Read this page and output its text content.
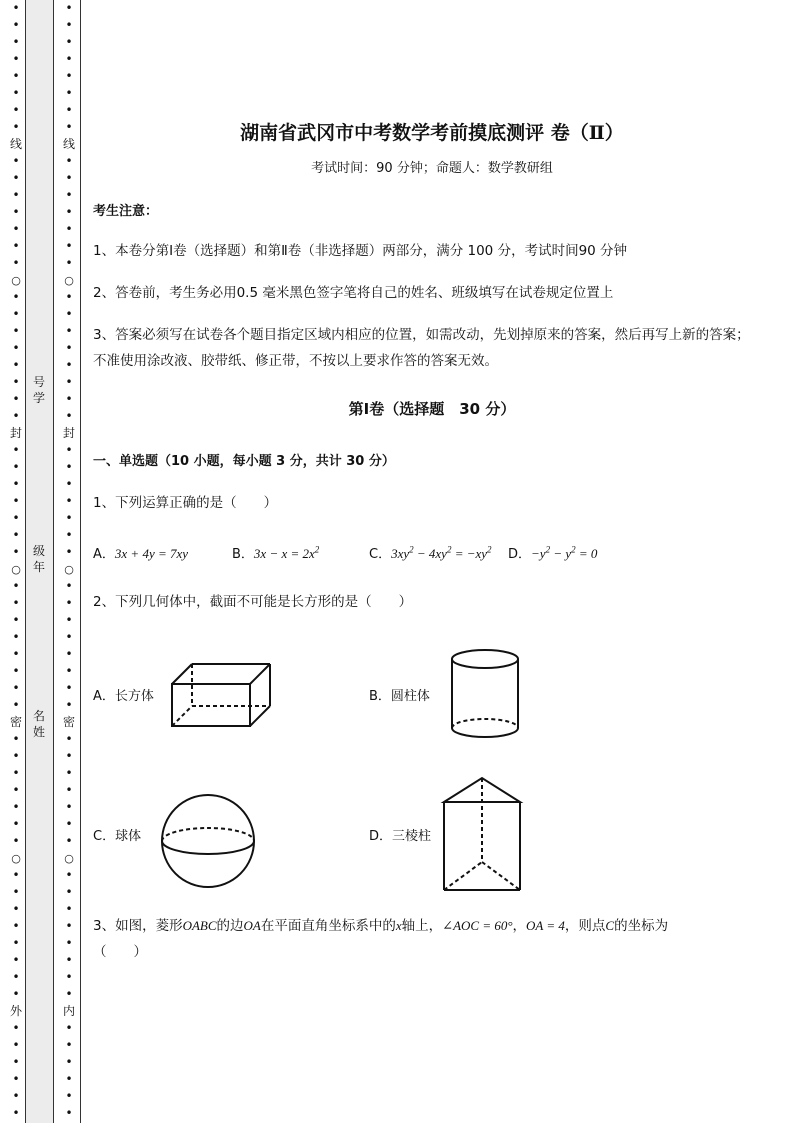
•
•
•
•
•
•
•
•
线
•
•
•
•
•
•
•
○
•
•
•
•
•
•
•
•
封
•
•
•
•
•
•
•
○
•
•
•
•
•
•
•
•
密
•
•
•
•
•
•
•
○
•
•
•
•
•
•
•
•
外
•
•
•
•
•
•
•
•
•
•
•
•
•
•
线
•
•
•
•
•
•
•
○
•
•
•
•
•
•
•
•
封
•
•
•
•
•
•
•
○
•
•
•
•
•
•
•
•
密
•
•
•
•
•
•
•
○
•
•
•
•
•
•
•
•
内
•
•
•
•
•
•
号
学
级
年
名
姓
湖南省武冈市中考数学考前摸底测评 卷（Ⅱ）
考试时间：90 分钟；命题人：数学教研组
考生注意：
1、本卷分第Ⅰ卷（选择题）和第Ⅱ卷（非选择题）两部分，满分 100 分，考试时间90 分钟
2、答卷前，考生务必用0.5 毫米黑色签字笔将自己的姓名、班级填写在试卷规定位置上
3、答案必须写在试卷各个题目指定区域内相应的位置，如需改动，先划掉原来的答案，然后再写上新的答案；不准使用涂改液、胶带纸、修正带，不按以上要求作答的答案无效。
第Ⅰ卷（选择题　30 分）
一、单选题（10 小题，每小题 3 分，共计 30 分）
1、下列运算正确的是（　　）
A．3x + 4y = 7xy	B．$3x - x = 2x^2$	C．$3xy^2 - 4xy^2 = -xy^2$ D．$-y^2 - y^2 = 0$
2、下列几何体中，截面不可能是长方形的是（　　）
A．长方体	B．圆柱体
C．球体	D．三棱柱
3、如图，菱形OABC的边OA在平面直角坐标系中的x轴上，∠AOC = 60°，OA = 4，则点C的坐标为
（　　）
